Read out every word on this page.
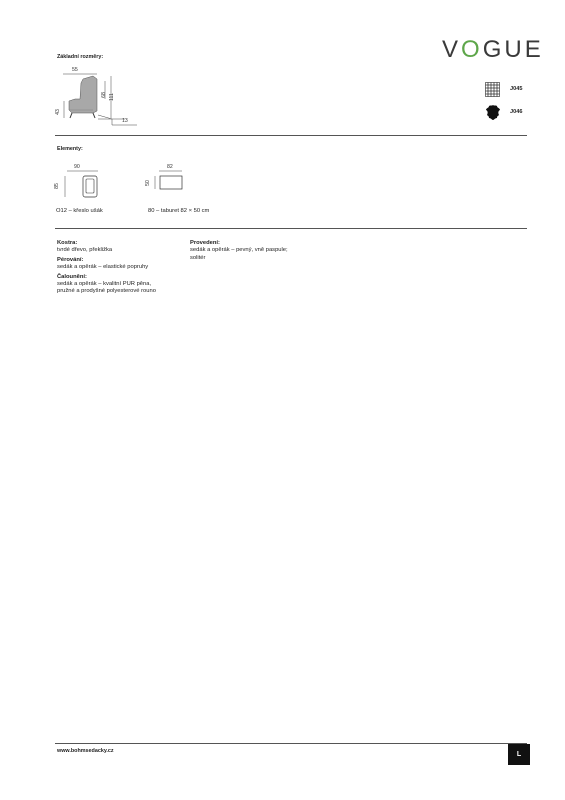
VOGUE
Základní rozměry:
55
68 111
43
13
J045
J046
Elementy:
90
85
O12 – křeslo ušák
82
50
80 – taburet 82 × 50 cm
Kostra:
tvrdé dřevo, překližka
Pérování:
sedák a opěrák – elastické popruhy
Čalounění:
sedák a opěrák – kvalitní PUR pěna,
pružné a prodyšné polyesterové rouno
Provedení:
sedák a opěrák – pevný, vně paspule;
solitér
www.bohmsedacky.cz	L
